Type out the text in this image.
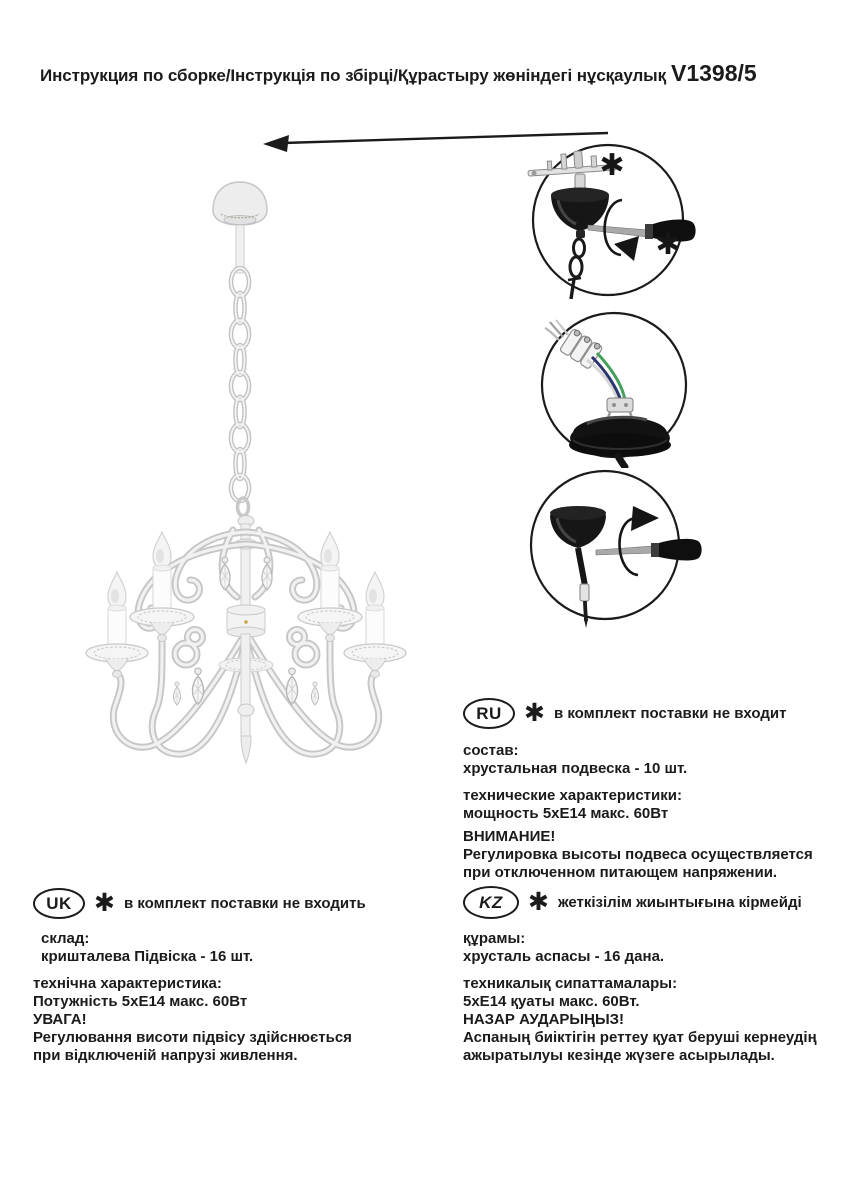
Инструкция по сборке/Інструкція по збірці/Құрастыру жөніндегі нұсқаулық V1398/5
✱
✱
RU ✱ в комплект поставки не входит
состав:
хрустальная подвеска - 10 шт.
технические характеристики:
мощность 5хЕ14 макс. 60Вт
ВНИМАНИЕ!
Регулировка высоты подвеса осуществляется
при отключенном питающем напряжении.
UK ✱ в комплект поставки не входить
склад:
кришталева Підвіска - 16 шт.
технічна характеристика:
Потужність 5хЕ14 макс. 60Вт
УВАГА!
Регулювання висоти підвісу здійснюється
при відключеній напрузі живлення.
KZ	✱ жеткізілім жиынтығына кірмейді
құрамы:
хрусталь аспасы - 16 дана.
техникалық сипаттамалары:
5хЕ14 қуаты макс. 60Вт.
НАЗАР АУДАРЫҢЫЗ!
Аспаның биіктігін реттеу қуат беруші кернеудің
ажыратылуы кезінде жүзеге асырылады.
